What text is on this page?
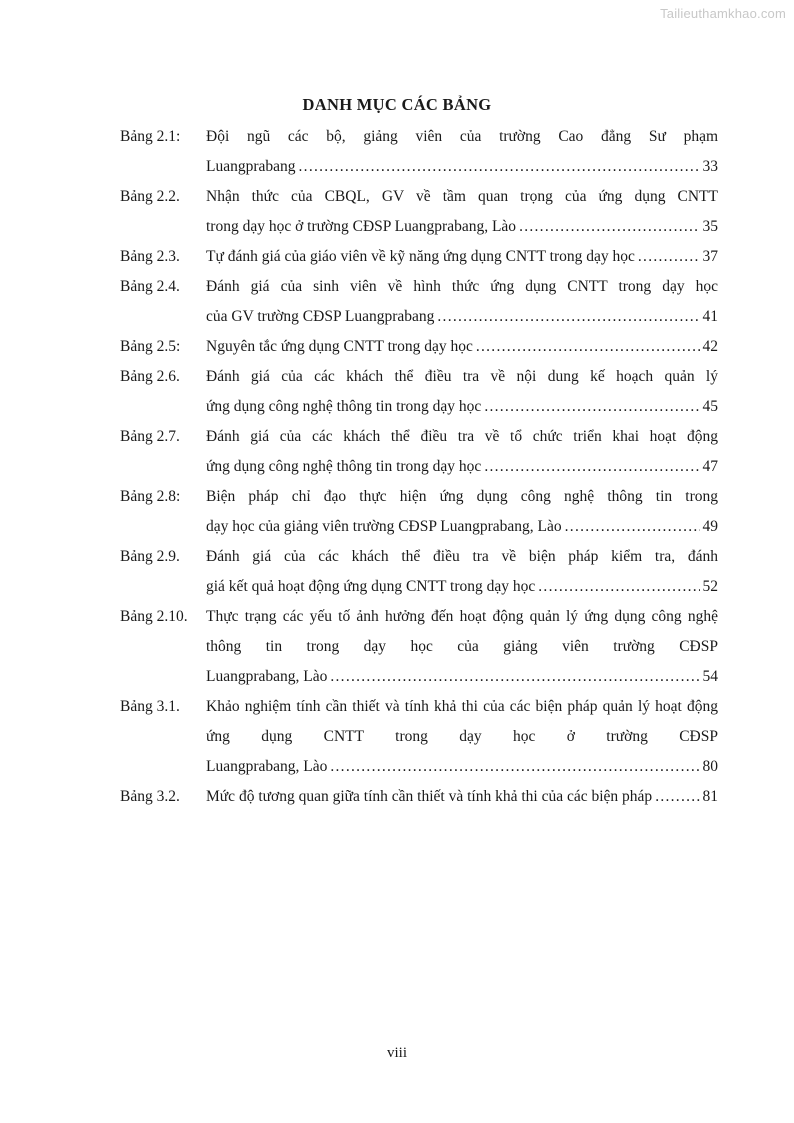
Tailieuthamkhao.com
DANH MỤC CÁC BẢNG
Bảng 2.1:	Đội ngũ các bộ, giảng viên của trường Cao đẳng Sư phạm
Luangprabang . . .	33
Bảng 2.2.	Nhận thức của CBQL, GV về tầm quan trọng của ứng dụng CNTT
trong dạy học ở trường CĐSP Luangprabang, Lào . . .	35
Bảng 2.3.	Tự đánh giá của giáo viên về kỹ năng ứng dụng CNTT trong dạy học . . .	37
Bảng 2.4.	Đánh giá của sinh viên về hình thức ứng dụng CNTT trong dạy học
của GV trường CĐSP Luangprabang . . .	41
Bảng 2.5:	Nguyên tắc ứng dụng CNTT trong dạy học . . .	42
Bảng 2.6.	Đánh giá của các khách thể điều tra về nội dung kế hoạch quản lý
ứng dụng công nghệ thông tin trong dạy học . . .	45
Bảng 2.7.	Đánh giá của các khách thể điều tra về tổ chức triển khai hoạt động
ứng dụng công nghệ thông tin trong dạy học . . .	47
Bảng 2.8:	Biện pháp chỉ đạo thực hiện ứng dụng công nghệ thông tin trong
dạy học của giảng viên trường CĐSP Luangprabang, Lào . . .	49
Bảng 2.9.	Đánh giá của các khách thể điều tra về biện pháp kiểm tra, đánh
giá kết quả hoạt động ứng dụng CNTT trong dạy học . . .	52
Bảng 2.10.	Thực trạng các yếu tố ảnh hưởng đến hoạt động quản lý ứng dụng công nghệ thông tin trong dạy học của giảng viên trường CĐSP
Luangprabang, Lào . . .	54
Bảng 3.1.	Khảo nghiệm tính cần thiết và tính khả thi của các biện pháp quản lý hoạt động ứng dụng CNTT trong dạy học ở trường CĐSP
Luangprabang, Lào . . .	80
Bảng 3.2.	Mức độ tương quan giữa tính cần thiết và tính khả thi của các biện pháp . . .	81
viii
